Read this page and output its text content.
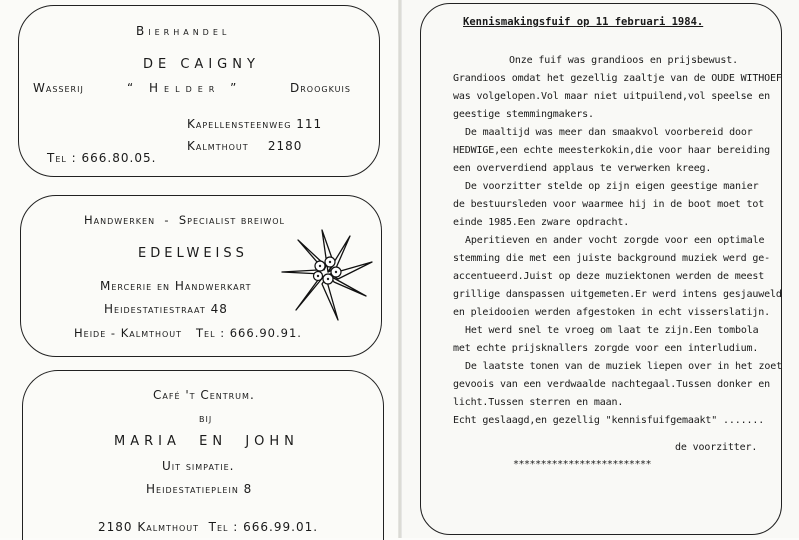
Bierhandel
DE CAIGNY
Wasserij	“ Helder ”	Droogkuis
Kapellensteenweg 111
Kalmthout    2180
Tel : 666.80.05.
Handwerken  -  Specialist breiwol
EDELWEISS
Mercerie en Handwerkart
Heidestatiestraat 48
Heide - Kalmthout   Tel : 666.90.91.
Café 't Centrum.
bij
MARIA  EN  JOHN
Uit simpatie.
Heidestatieplein 8
2180 Kalmthout  Tel : 666.99.01.
Kennismakingsfuif op 11 februari 1984.
Onze fuif was grandioos en prijsbewust.
Grandioos omdat het gezellig zaaltje van de OUDE WITHOEF
was volgelopen.Vol maar niet uitpuilend,vol speelse en
geestige stemmingmakers.
De maaltijd was meer dan smaakvol voorbereid door
HEDWIGE,een echte meesterkokin,die voor haar bereiding
een oververdiend applaus te verwerken kreeg.
De voorzitter stelde op zijn eigen geestige manier
de bestuursleden voor waarmee hij in de boot moet tot
einde 1985.Een zware opdracht.
Aperitieven en ander vocht zorgde voor een optimale
stemming die met een juiste background muziek werd ge-
accentueerd.Juist op deze muziektonen werden de meest
grillige danspassen uitgemeten.Er werd intens gesjauweld
en pleidooien werden afgestoken in echt visserslatijn.
Het werd snel te vroeg om laat te zijn.Een tombola
met echte prijsknallers zorgde voor een interludium.
De laatste tonen van de muziek liepen over in het zoet
gevoois van een verdwaalde nachtegaal.Tussen donker en
licht.Tussen sterren en maan.
Echt geslaagd,en gezellig "kennisfuifgemaakt" .......
de voorzitter.
*************************
